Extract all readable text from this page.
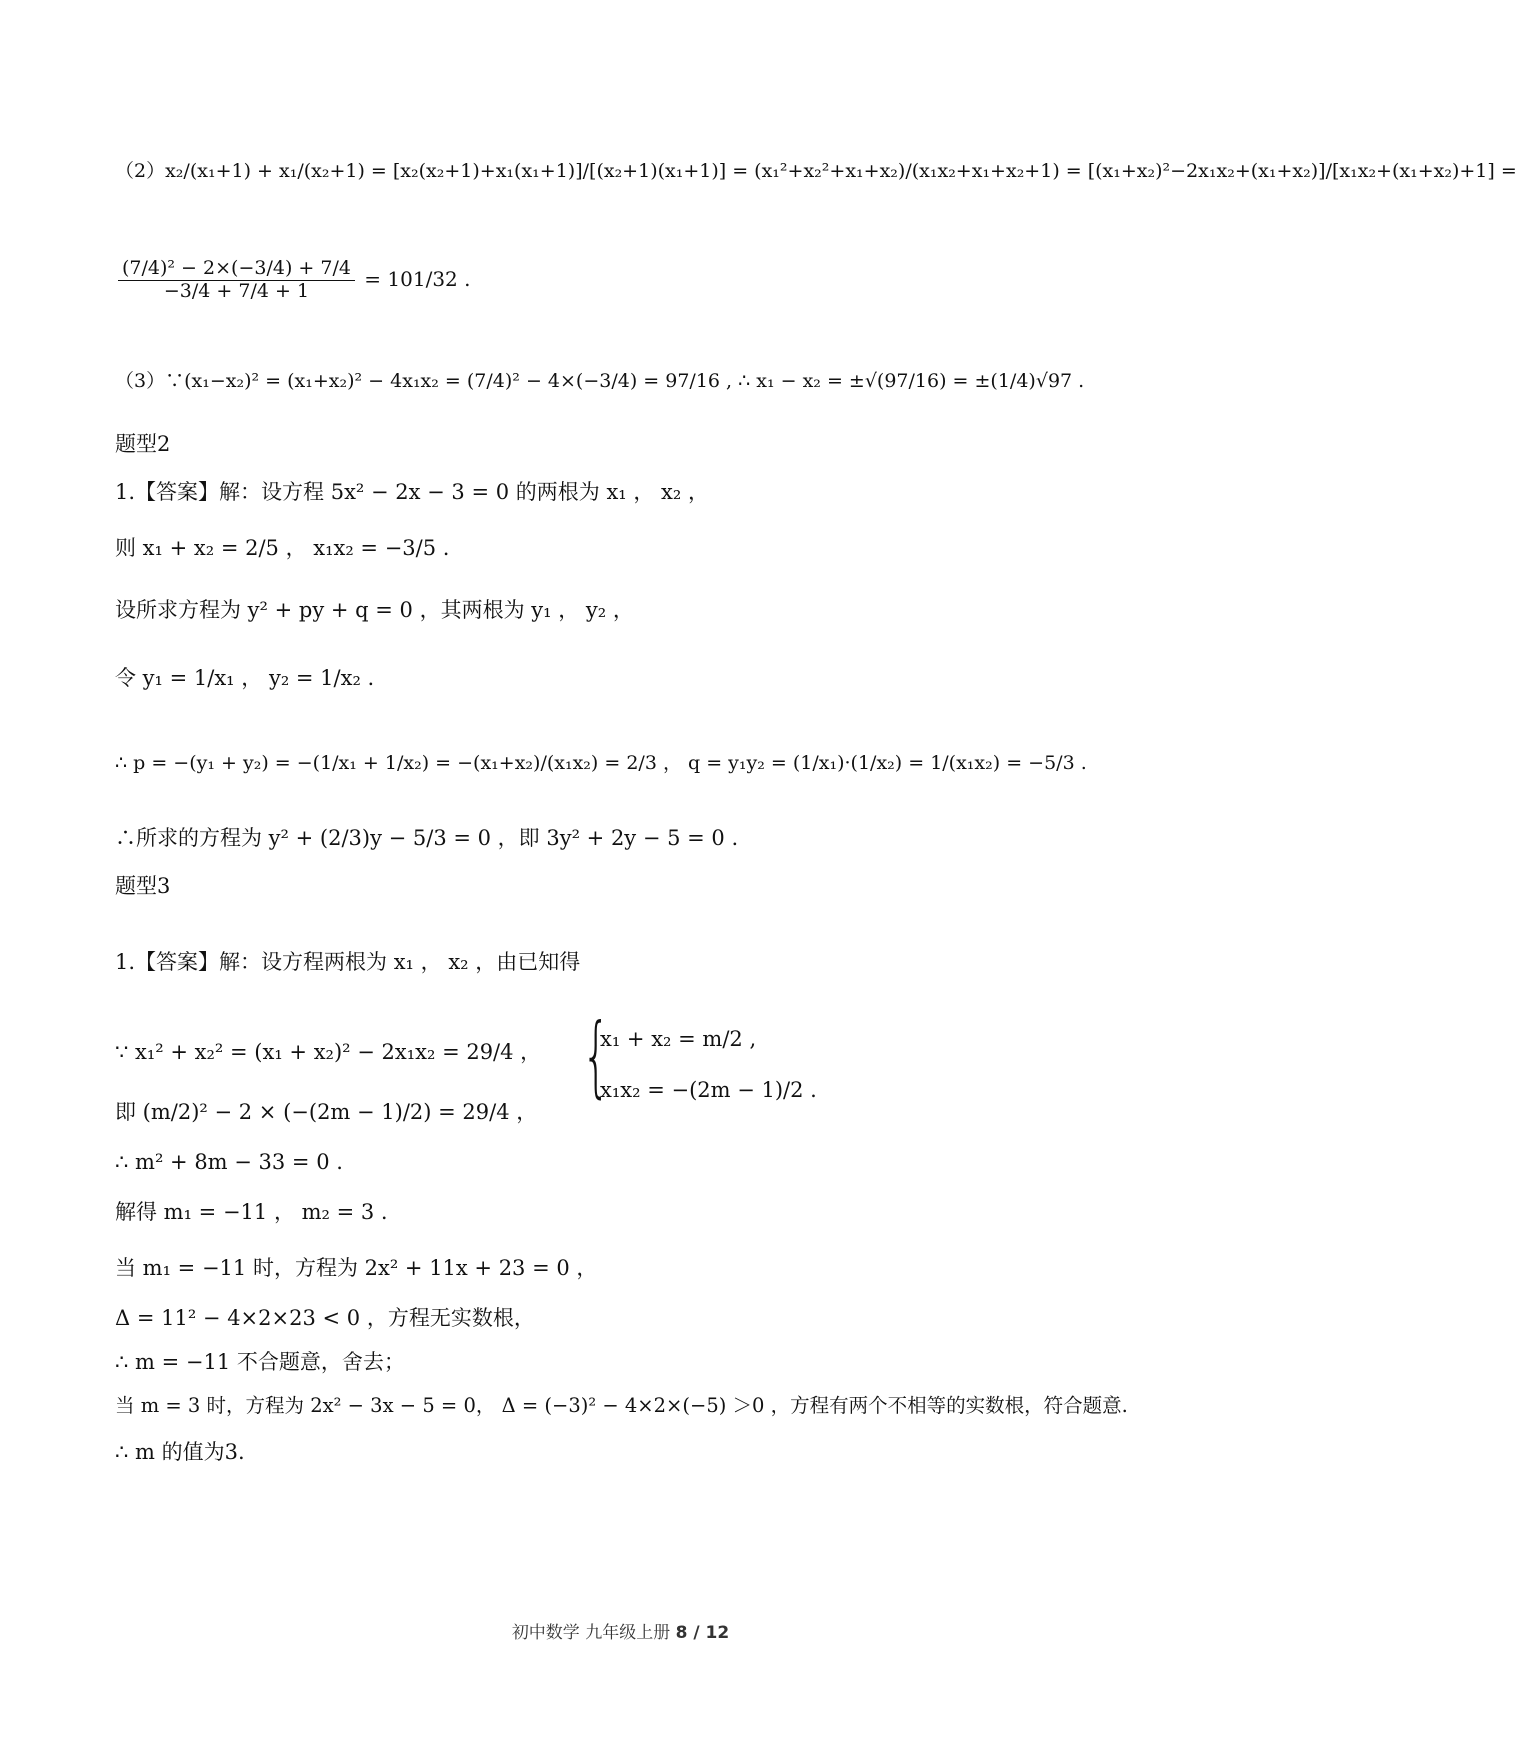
（2）x₂/(x₁+1) + x₁/(x₂+1) = [x₂(x₂+1)+x₁(x₁+1)]/[(x₂+1)(x₁+1)] = (x₁²+x₂²+x₁+x₂)/(x₁x₂+x₁+x₂+1) = [(x₁+x₂)²−2x₁x₂+(x₁+x₂)]/[x₁x₂+(x₁+x₂)+1] =
$\frac{\text{(7/4)² − 2×(−3/4) + 7/4}}{-3/4 + 7/4 + 1} = 101/32$ .
（3）∵(x₁−x₂)² = (x₁+x₂)² − 4x₁x₂ = (7/4)² − 4×(−3/4) = 97/16 , ∴ x₁ − x₂ = ±√(97/16) = ±(1/4)√97 .
题型2
1.【答案】解：设方程 5x² − 2x − 3 = 0 的两根为 x₁ ， x₂ ，
则 x₁ + x₂ = 2/5 ， x₁x₂ = −3/5 .
设所求方程为 y² + py + q = 0 ，其两根为 y₁ ， y₂ ，
令 y₁ = 1/x₁ ， y₂ = 1/x₂ .
∴ p = −(y₁ + y₂) = −(1/x₁ + 1/x₂) = −(x₁+x₂)/(x₁x₂) = 2/3 ， q = y₁y₂ = (1/x₁)·(1/x₂) = 1/(x₁x₂) = −5/3 .
∴所求的方程为 y² + (2/3)y − 5/3 = 0 ，即 3y² + 2y − 5 = 0 .
题型3
1.【答案】解：设方程两根为 x₁ ， x₂ ，由已知得
{
x₁ + x₂ = m/2 ,
x₁x₂ = −(2m − 1)/2 .
∵ x₁² + x₂² = (x₁ + x₂)² − 2x₁x₂ = 29/4 ，
即 (m/2)² − 2 × (−(2m − 1)/2) = 29/4 ，
∴ m² + 8m − 33 = 0 .
解得 m₁ = −11 ， m₂ = 3 .
当 m₁ = −11 时，方程为 2x² + 11x + 23 = 0 ，
Δ = 11² − 4×2×23 < 0 ，方程无实数根，
∴ m = −11 不合题意，舍去；
当 m = 3 时，方程为 2x² − 3x − 5 = 0， Δ = (−3)² − 4×2×(−5) ＞0 ，方程有两个不相等的实数根，符合题意.
∴ m 的值为3.
初中数学 九年级上册 8 / 12
